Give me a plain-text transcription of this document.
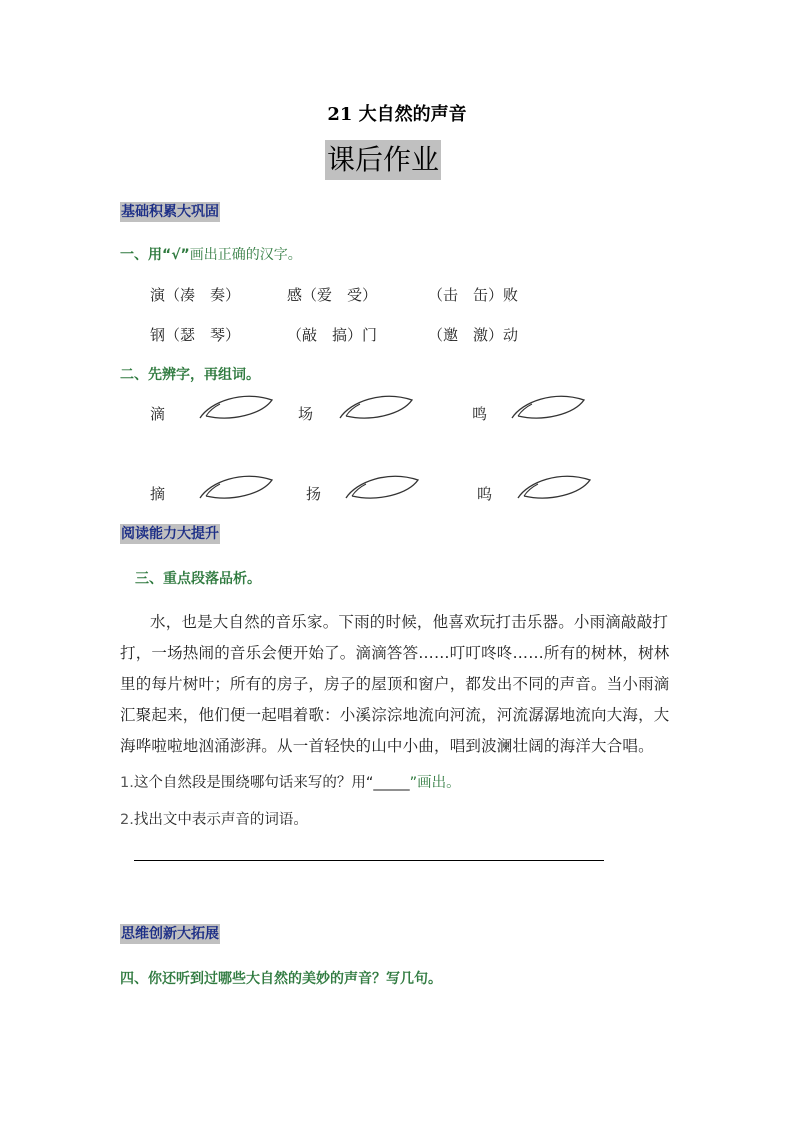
21 大自然的声音
课后作业
基础积累大巩固
一、用“√”画出正确的汉字。
演（凑　奏）	感（爱　受）	（击　缶）败
钢（瑟　琴）	（敲　搞）门	（邀　激）动
二、先辨字，再组词。
滴	场	鸣
摘	扬	呜
阅读能力大提升
三、重点段落品析。
水，也是大自然的音乐家。下雨的时候，他喜欢玩打击乐器。小雨滴敲敲打
打，一场热闹的音乐会便开始了。滴滴答答……叮叮咚咚……所有的树林，树林
里的每片树叶；所有的房子，房子的屋顶和窗户，都发出不同的声音。当小雨滴
汇聚起来，他们便一起唱着歌：小溪淙淙地流向河流，河流潺潺地流向大海，大
海哗啦啦地汹涌澎湃。从一首轻快的山中小曲，唱到波澜壮阔的海洋大合唱。
1.这个自然段是围绕哪句话来写的？用“_____”画出。
2.找出文中表示声音的词语。
思维创新大拓展
四、你还听到过哪些大自然的美妙的声音？写几句。
